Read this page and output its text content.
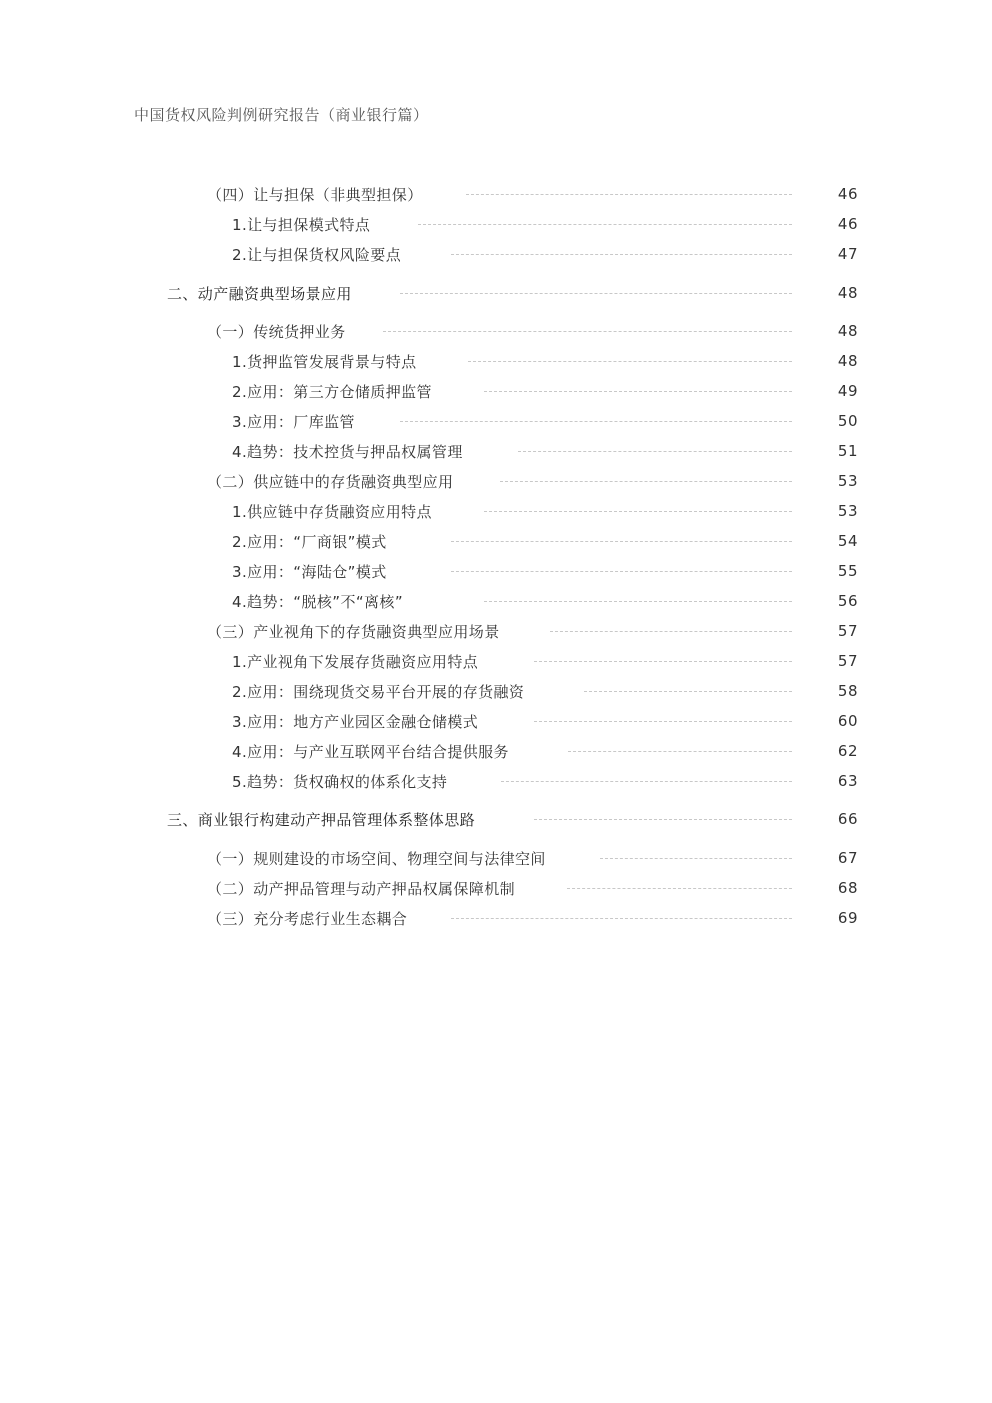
中国货权风险判例研究报告（商业银行篇）
（四）让与担保（非典型担保）	46
1.让与担保模式特点	46
2.让与担保货权风险要点	47
二、动产融资典型场景应用	48
（一）传统货押业务	48
1.货押监管发展背景与特点	48
2.应用：第三方仓储质押监管	49
3.应用：厂库监管	50
4.趋势：技术控货与押品权属管理	51
（二）供应链中的存货融资典型应用	53
1.供应链中存货融资应用特点	53
2.应用：“厂商银”模式	54
3.应用：“海陆仓”模式	55
4.趋势：“脱核”不“离核”	56
（三）产业视角下的存货融资典型应用场景	57
1.产业视角下发展存货融资应用特点	57
2.应用：围绕现货交易平台开展的存货融资	58
3.应用：地方产业园区金融仓储模式	60
4.应用：与产业互联网平台结合提供服务	62
5.趋势：货权确权的体系化支持	63
三、商业银行构建动产押品管理体系整体思路	66
（一）规则建设的市场空间、物理空间与法律空间	67
（二）动产押品管理与动产押品权属保障机制	68
（三）充分考虑行业生态耦合	69
